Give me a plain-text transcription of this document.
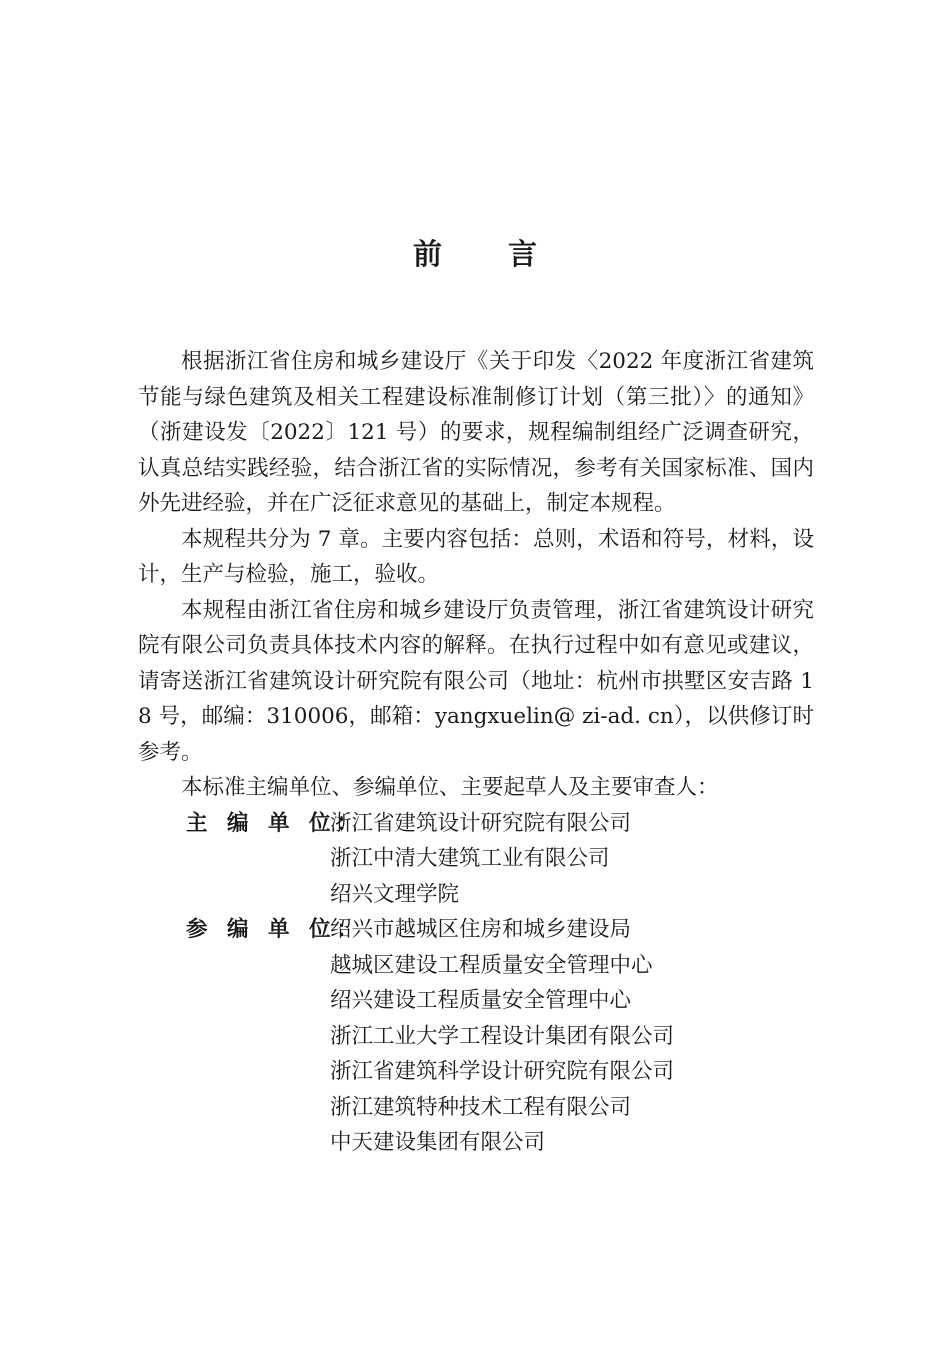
前 言

根据浙江省住房和城乡建设厅《关于印发〈2022 年度浙江省建筑节能与绿色建筑及相关工程建设标准制修订计划（第三批）〉的通知》（浙建设发〔2022〕121 号）的要求，规程编制组经广泛调查研究，认真总结实践经验，结合浙江省的实际情况，参考有关国家标准、国内外先进经验，并在广泛征求意见的基础上，制定本规程。

本规程共分为 7 章。主要内容包括：总则，术语和符号，材料，设计，生产与检验，施工，验收。

本规程由浙江省住房和城乡建设厅负责管理，浙江省建筑设计研究院有限公司负责具体技术内容的解释。在执行过程中如有意见或建议，请寄送浙江省建筑设计研究院有限公司（地址：杭州市拱墅区安吉路 18 号，邮编：310006，邮箱：yangxuelin@ zi-ad. cn），以供修订时参考。

本标准主编单位、参编单位、主要起草人及主要审查人：

主 编 单 位：
浙江省建筑设计研究院有限公司
浙江中清大建筑工业有限公司
绍兴文理学院
参 编 单 位：
绍兴市越城区住房和城乡建设局
越城区建设工程质量安全管理中心
绍兴建设工程质量安全管理中心
浙江工业大学工程设计集团有限公司
浙江省建筑科学设计研究院有限公司
浙江建筑特种技术工程有限公司
中天建设集团有限公司
